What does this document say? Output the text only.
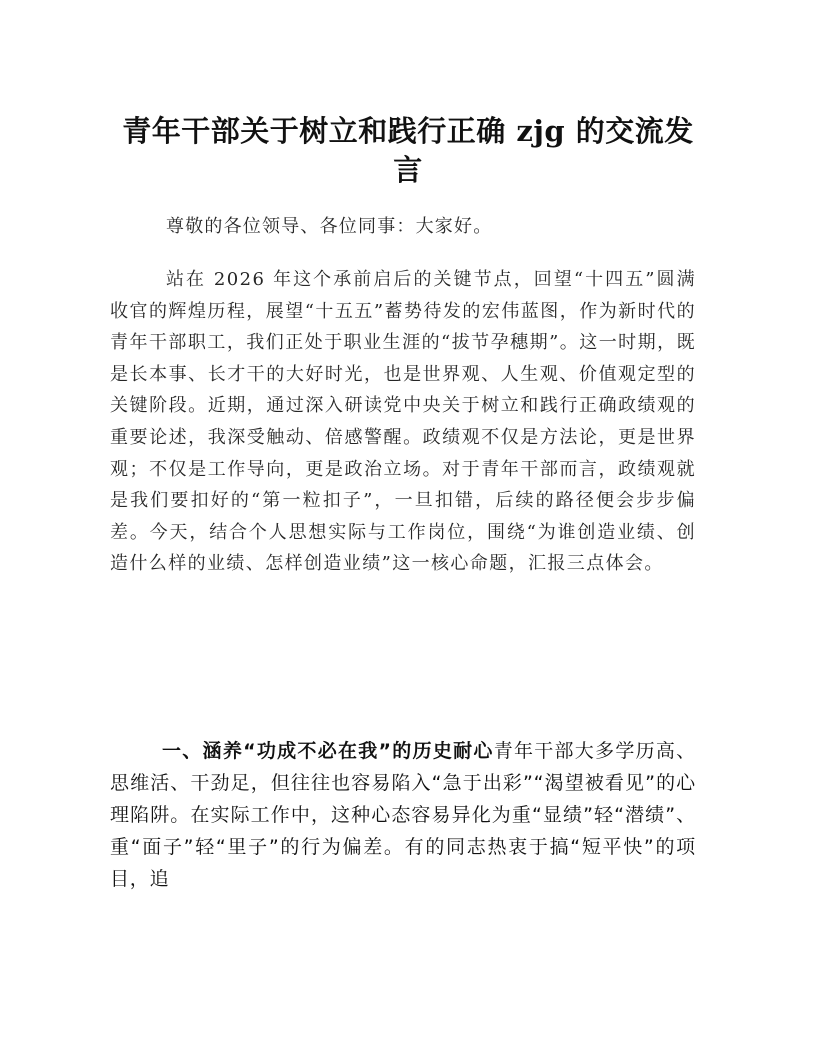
青年干部关于树立和践行正确 zjg 的交流发言

尊敬的各位领导、各位同事：大家好。

站在 2026 年这个承前启后的关键节点，回望“十四五”圆满收官的辉煌历程，展望“十五五”蓄势待发的宏伟蓝图，作为新时代的青年干部职工，我们正处于职业生涯的“拔节孕穗期”。这一时期，既是长本事、长才干的大好时光，也是世界观、人生观、价值观定型的关键阶段。近期，通过深入研读党中央关于树立和践行正确政绩观的重要论述，我深受触动、倍感警醒。政绩观不仅是方法论，更是世界观；不仅是工作导向，更是政治立场。对于青年干部而言，政绩观就是我们要扣好的“第一粒扣子”，一旦扣错，后续的路径便会步步偏差。今天，结合个人思想实际与工作岗位，围绕“为谁创造业绩、创造什么样的业绩、怎样创造业绩”这一核心命题，汇报三点体会。

一、涵养“功成不必在我”的历史耐心青年干部大多学历高、思维活、干劲足，但往往也容易陷入“急于出彩”“渴望被看见”的心理陷阱。在实际工作中，这种心态容易异化为重“显绩”轻“潜绩”、重“面子”轻“里子”的行为偏差。有的同志热衷于搞“短平快”的项目，追
